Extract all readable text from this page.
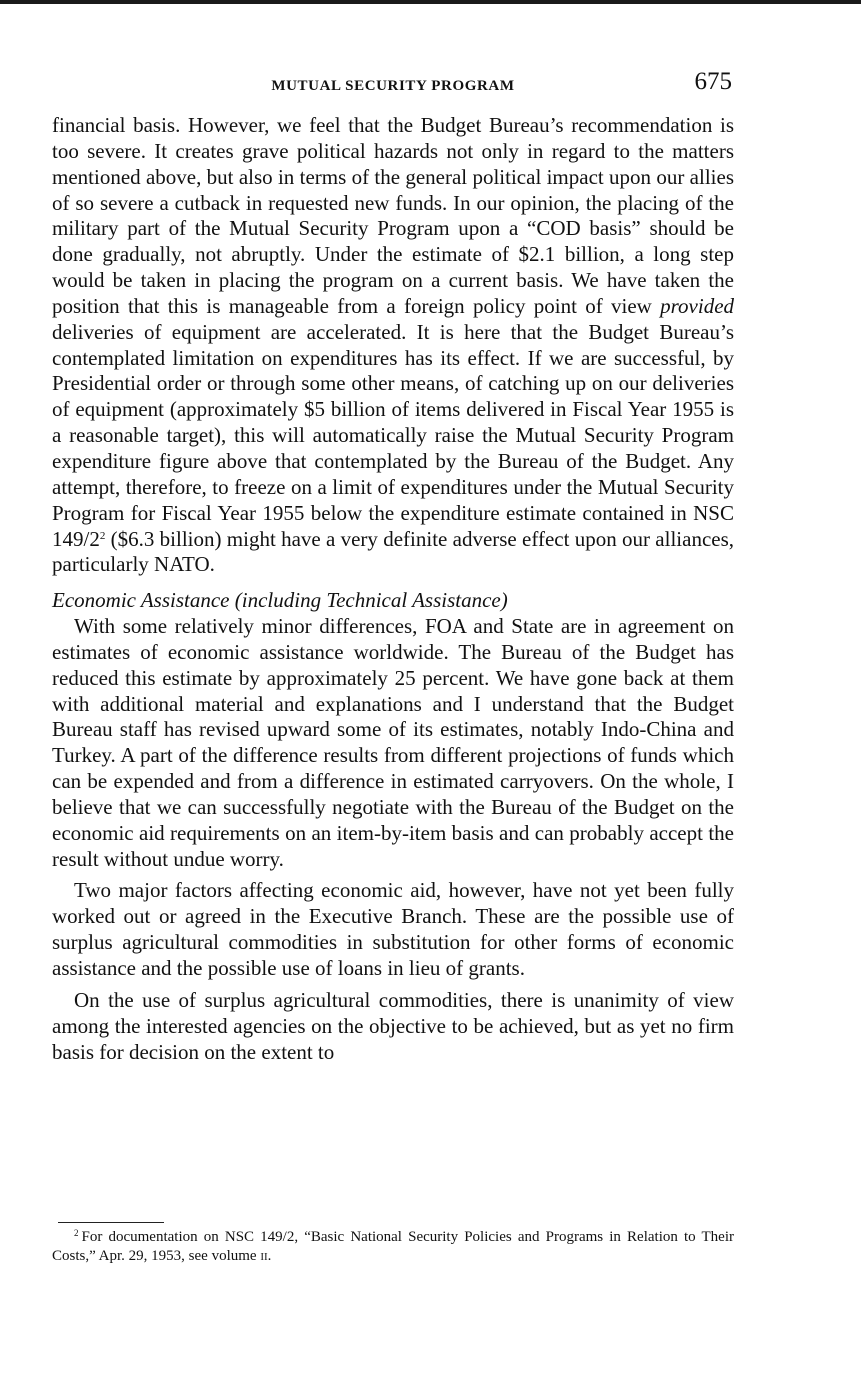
MUTUAL SECURITY PROGRAM	675

financial basis. However, we feel that the Budget Bureau’s recommendation is too severe. It creates grave political hazards not only in regard to the matters mentioned above, but also in terms of the general political impact upon our allies of so severe a cutback in requested new funds. In our opinion, the placing of the military part of the Mutual Security Program upon a “COD basis” should be done gradually, not abruptly. Under the estimate of $2.1 billion, a long step would be taken in placing the program on a current basis. We have taken the position that this is manageable from a foreign policy point of view provided deliveries of equipment are accelerated. It is here that the Budget Bureau’s contemplated limitation on expenditures has its effect. If we are successful, by Presidential order or through some other means, of catching up on our deliveries of equipment (approximately $5 billion of items delivered in Fiscal Year 1955 is a reasonable target), this will automatically raise the Mutual Security Program expenditure figure above that contemplated by the Bureau of the Budget. Any attempt, therefore, to freeze on a limit of expenditures under the Mutual Security Program for Fiscal Year 1955 below the expenditure estimate contained in NSC 149/2$^2$ ($6.3 billion) might have a very definite adverse effect upon our alliances, particularly NATO.

Economic Assistance (including Technical Assistance)

With some relatively minor differences, FOA and State are in agreement on estimates of economic assistance worldwide. The Bureau of the Budget has reduced this estimate by approximately 25 percent. We have gone back at them with additional material and explanations and I understand that the Budget Bureau staff has revised upward some of its estimates, notably Indo-China and Turkey. A part of the difference results from different projections of funds which can be expended and from a difference in estimated carryovers. On the whole, I believe that we can successfully negotiate with the Bureau of the Budget on the economic aid requirements on an item-by-item basis and can probably accept the result without undue worry.

Two major factors affecting economic aid, however, have not yet been fully worked out or agreed in the Executive Branch. These are the possible use of surplus agricultural commodities in substitution for other forms of economic assistance and the possible use of loans in lieu of grants.

On the use of surplus agricultural commodities, there is unanimity of view among the interested agencies on the objective to be achieved, but as yet no firm basis for decision on the extent to

$^2$ For documentation on NSC 149/2, “Basic National Security Policies and Programs in Relation to Their Costs,” Apr. 29, 1953, see volume ii.
